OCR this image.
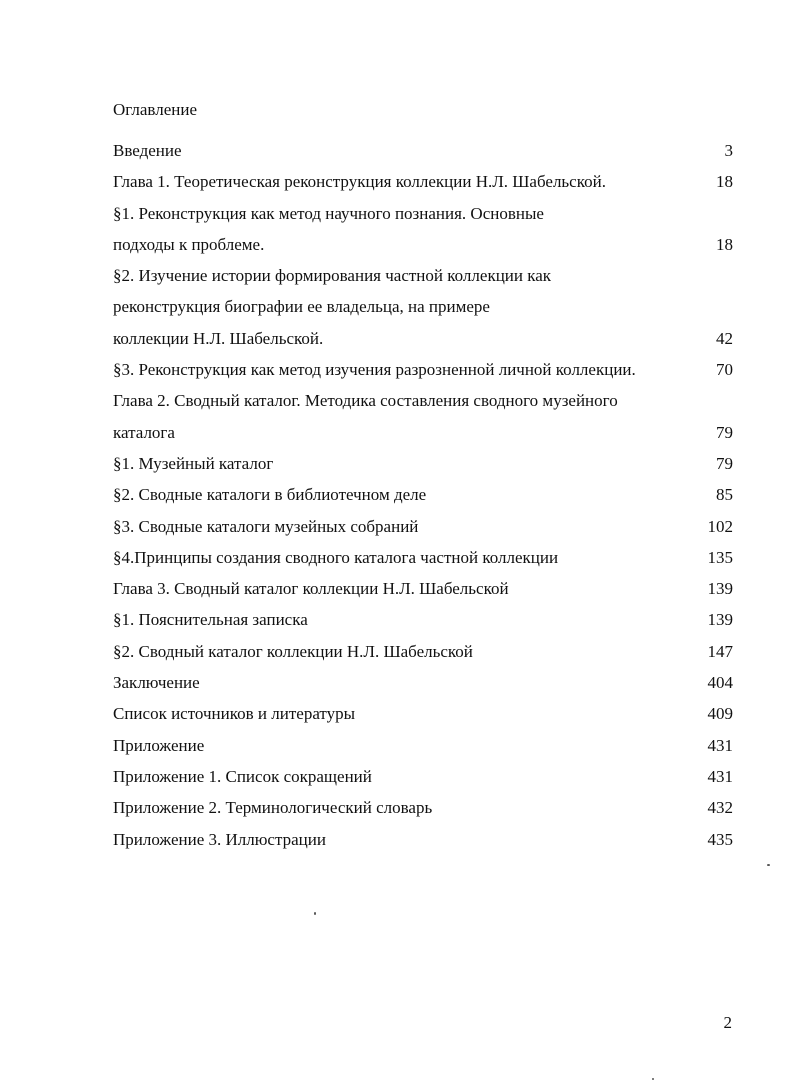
Оглавление
Введение	3
Глава 1. Теоретическая реконструкция коллекции Н.Л. Шабельской.	18
§1. Реконструкция как метод научного познания. Основные
подходы к проблеме.	18
§2. Изучение истории формирования частной коллекции как
реконструкция биографии ее владельца, на примере
коллекции Н.Л. Шабельской.	42
§3. Реконструкция как метод изучения разрозненной личной коллекции.	70
Глава 2. Сводный каталог. Методика составления сводного музейного
каталога	79
§1. Музейный каталог	79
§2. Сводные каталоги в библиотечном деле	85
§3. Сводные каталоги музейных собраний	102
§4.Принципы создания сводного каталога частной коллекции	135
Глава 3. Сводный каталог коллекции Н.Л. Шабельской	139
§1. Пояснительная записка	139
§2. Сводный каталог коллекции Н.Л. Шабельской	147
Заключение	404
Список источников и литературы	409
Приложение	431
Приложение 1. Список сокращений	431
Приложение 2. Терминологический словарь	432
Приложение 3. Иллюстрации	435
2
